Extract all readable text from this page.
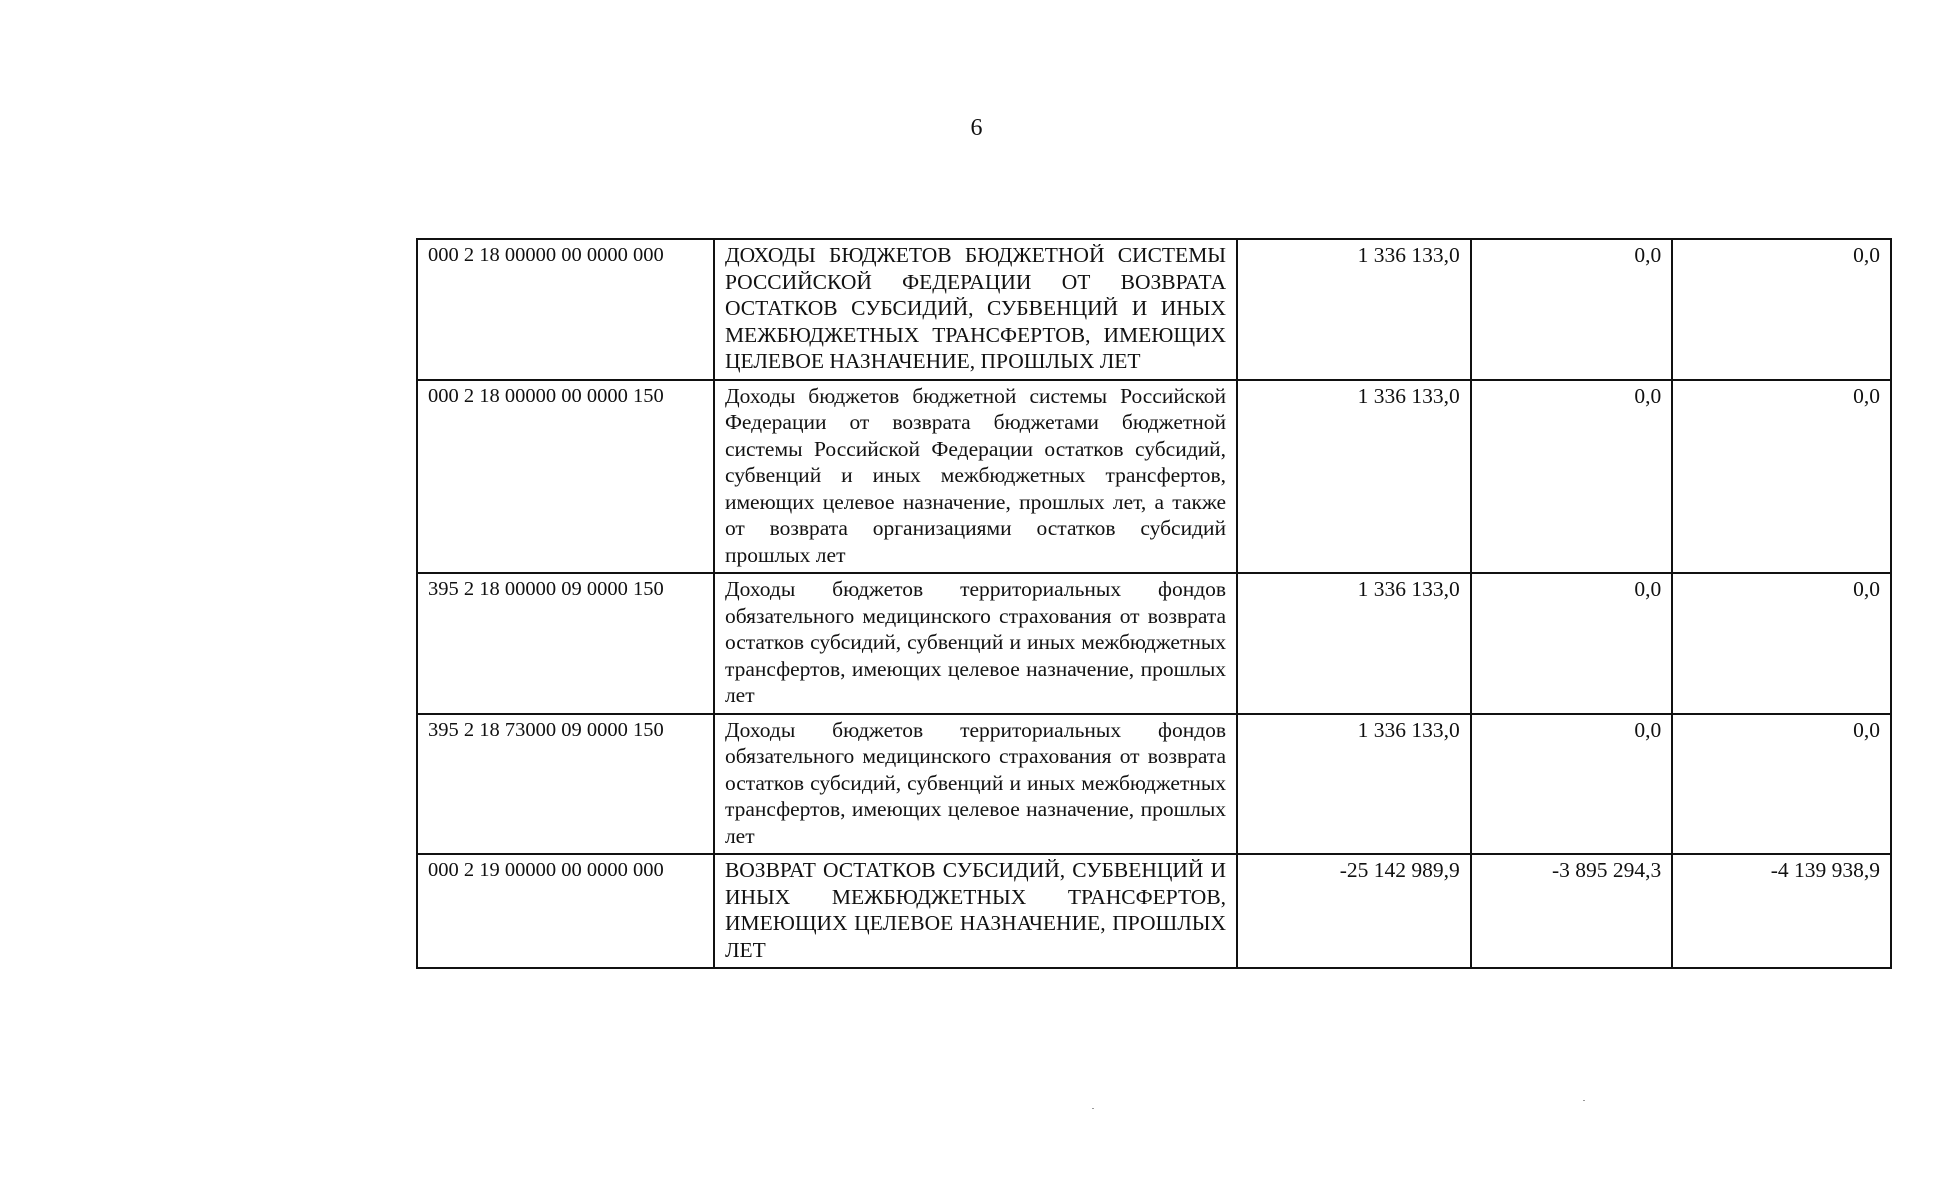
6
000 2 18 00000 00 0000 000	ДОХОДЫ БЮДЖЕТОВ БЮДЖЕТНОЙ СИСТЕМЫ РОССИЙСКОЙ ФЕДЕРАЦИИ ОТ ВОЗВРАТА ОСТАТКОВ СУБСИДИЙ, СУБВЕНЦИЙ И ИНЫХ МЕЖБЮДЖЕТНЫХ ТРАНСФЕРТОВ, ИМЕЮЩИХ ЦЕЛЕВОЕ НАЗНАЧЕНИЕ, ПРОШЛЫХ ЛЕТ	1 336 133,0	0,0	0,0
000 2 18 00000 00 0000 150	Доходы бюджетов бюджетной системы Российской Федерации от возврата бюджетами бюджетной системы Российской Федерации остатков субсидий, субвенций и иных межбюджетных трансфертов, имеющих целевое назначение, прошлых лет, а также от возврата организациями остатков субсидий прошлых лет	1 336 133,0	0,0	0,0
395 2 18 00000 09 0000 150	Доходы бюджетов территориальных фондов обязательного медицинского страхования от возврата остатков субсидий, субвенций и иных межбюджетных трансфертов, имеющих целевое назначение, прошлых лет	1 336 133,0	0,0	0,0
395 2 18 73000 09 0000 150	Доходы бюджетов территориальных фондов обязательного медицинского страхования от возврата остатков субсидий, субвенций и иных межбюджетных трансфертов, имеющих целевое назначение, прошлых лет	1 336 133,0	0,0	0,0
000 2 19 00000 00 0000 000	ВОЗВРАТ ОСТАТКОВ СУБСИДИЙ, СУБВЕНЦИЙ И ИНЫХ МЕЖБЮДЖЕТНЫХ ТРАНСФЕРТОВ, ИМЕЮЩИХ ЦЕЛЕВОЕ НАЗНАЧЕНИЕ, ПРОШЛЫХ ЛЕТ	-25 142 989,9	-3 895 294,3	-4 139 938,9
